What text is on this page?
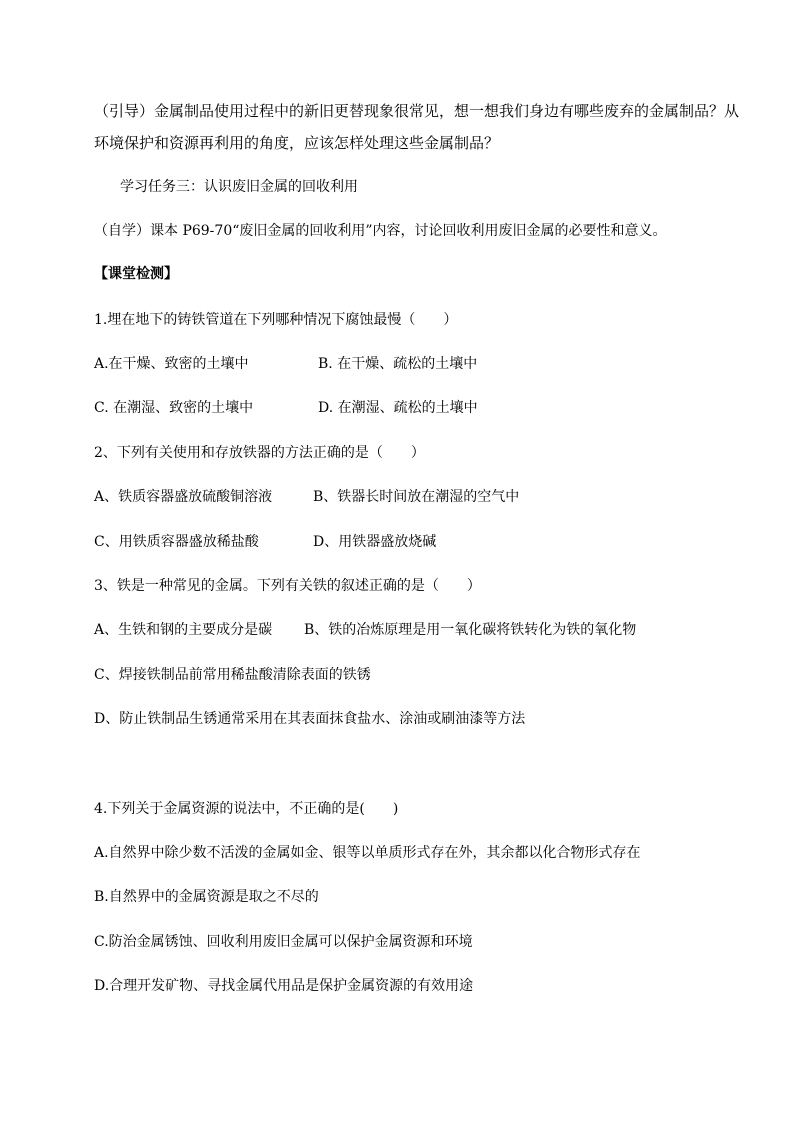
（引导）金属制品使用过程中的新旧更替现象很常见，想一想我们身边有哪些废弃的金属制品？从
环境保护和资源再利用的角度，应该怎样处理这些金属制品？
学习任务三：认识废旧金属的回收利用
（自学）课本 P69-70“废旧金属的回收利用”内容，讨论回收利用废旧金属的必要性和意义。
【课堂检测】
1.埋在地下的铸铁管道在下列哪种情况下腐蚀最慢（　　）
A.在干燥、致密的土壤中	B. 在干燥、疏松的土壤中
C. 在潮湿、致密的土壤中	D. 在潮湿、疏松的土壤中
2、下列有关使用和存放铁器的方法正确的是（　　）
A、铁质容器盛放硫酸铜溶液	B、铁器长时间放在潮湿的空气中
C、用铁质容器盛放稀盐酸	D、用铁器盛放烧碱
3、铁是一种常见的金属。下列有关铁的叙述正确的是（　　）
A、生铁和钢的主要成分是碳 B、铁的冶炼原理是用一氧化碳将铁转化为铁的氧化物
C、焊接铁制品前常用稀盐酸清除表面的铁锈
D、防止铁制品生锈通常采用在其表面抹食盐水、涂油或刷油漆等方法
4.下列关于金属资源的说法中，不正确的是(　　)
A.自然界中除少数不活泼的金属如金、银等以单质形式存在外，其余都以化合物形式存在
B.自然界中的金属资源是取之不尽的
C.防治金属锈蚀、回收利用废旧金属可以保护金属资源和环境
D.合理开发矿物、寻找金属代用品是保护金属资源的有效用途
